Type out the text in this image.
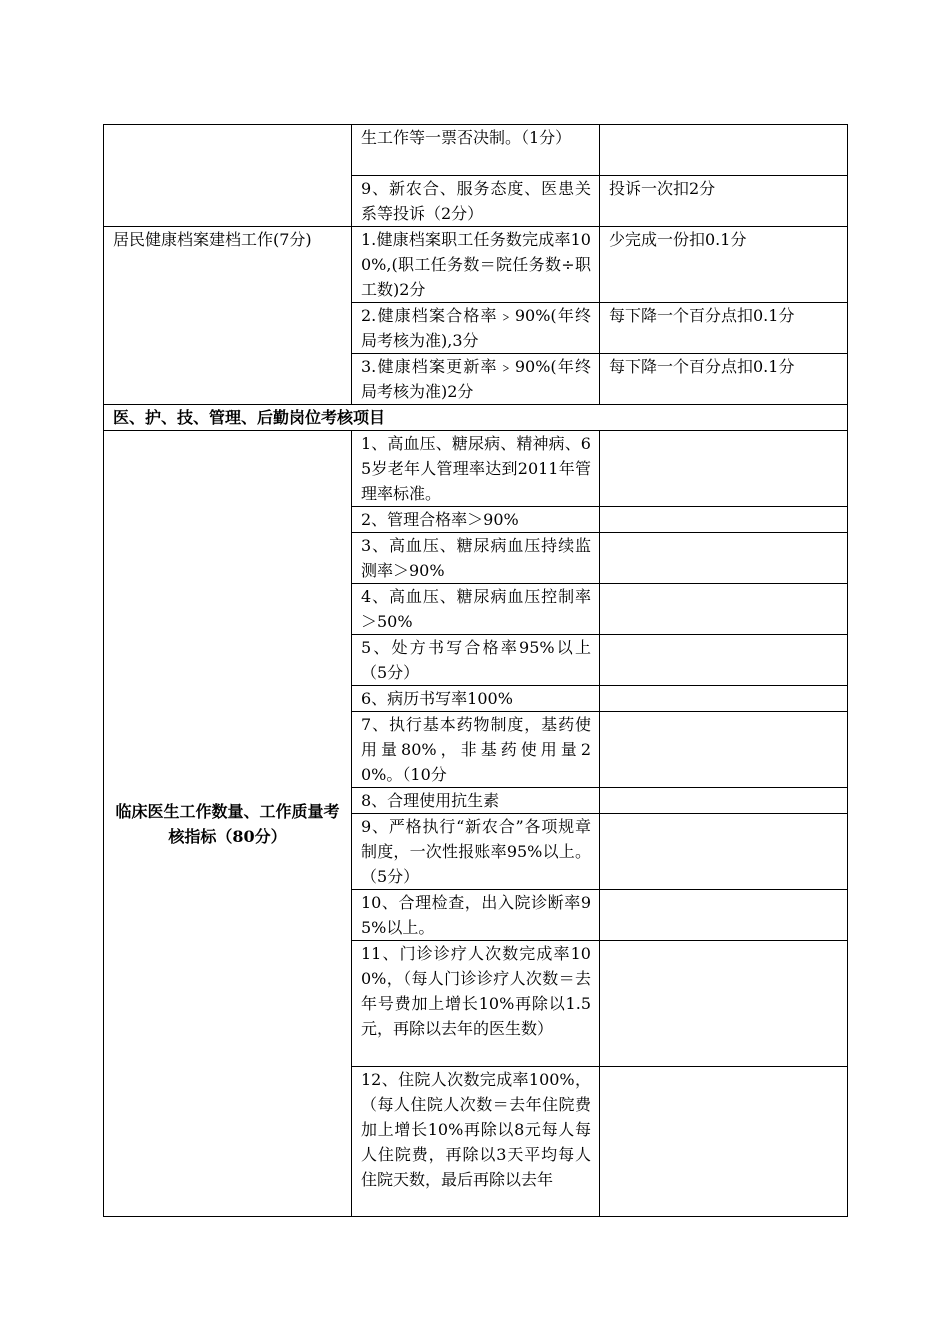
	生工作等一票否决制。（1分）	
	9、新农合、服务态度、医患关系等投诉（2分）	投诉一次扣2分
居民健康档案建档工作(7分)	1.健康档案职工任务数完成率100%,(职工任务数＝院任务数÷职工数)2分	少完成一份扣0.1分
	2.健康档案合格率﹥90%(年终局考核为准),3分	每下降一个百分点扣0.1分
	3.健康档案更新率﹥90%(年终局考核为准)2分	每下降一个百分点扣0.1分
医、护、技、管理、后勤岗位考核项目		
临床医生工作数量、工作质量考核指标（80分）	1、高血压、糖尿病、精神病、65岁老年人管理率达到2011年管理率标准。	
	2、管理合格率＞90%	
	3、高血压、糖尿病血压持续监测率＞90%	
	4、高血压、糖尿病血压控制率＞50%	
	5、处方书写合格率95%以上（5分）	
	6、病历书写率100%	
	7、执行基本药物制度，基药使用量80%，非基药使用量20%。（10分	
	8、合理使用抗生素	
	9、严格执行“新农合”各项规章制度，一次性报账率95%以上。（5分）	
	10、合理检查，出入院诊断率95%以上。	
	11、门诊诊疗人次数完成率100%，（每人门诊诊疗人次数＝去年号费加上增长10%再除以1.5元，再除以去年的医生数）	
	12、住院人次数完成率100%，（每人住院人次数＝去年住院费加上增长10%再除以8元每人每人住院费，再除以3天平均每人住院天数，最后再除以去年	
